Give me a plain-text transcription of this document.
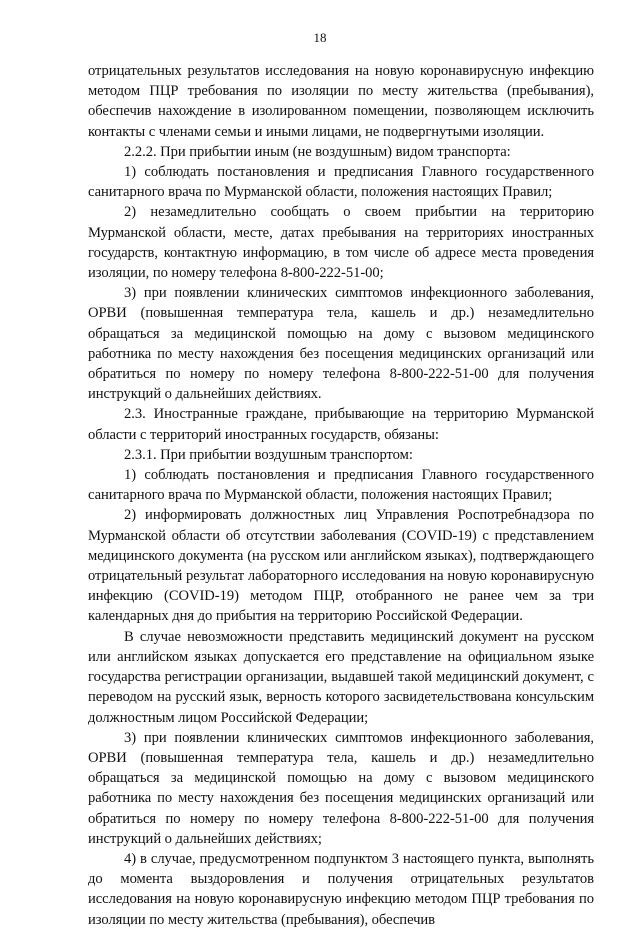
18

отрицательных результатов исследования на новую коронавирусную инфекцию методом ПЦР требования по изоляции по месту жительства (пребывания), обеспечив нахождение в изолированном помещении, позволяющем исключить контакты с членами семьи и иными лицами, не подвергнутыми изоляции.

2.2.2. При прибытии иным (не воздушным) видом транспорта:

1) соблюдать постановления и предписания Главного государственного санитарного врача по Мурманской области, положения настоящих Правил;

2) незамедлительно сообщать о своем прибытии на территорию Мурманской области, месте, датах пребывания на территориях иностранных государств, контактную информацию, в том числе об адресе места проведения изоляции, по номеру телефона 8-800-222-51-00;

3) при появлении клинических симптомов инфекционного заболевания, ОРВИ (повышенная температура тела, кашель и др.) незамедлительно обращаться за медицинской помощью на дому с вызовом медицинского работника по месту нахождения без посещения медицинских организаций или обратиться по номеру по номеру телефона 8-800-222-51-00 для получения инструкций о дальнейших действиях.

2.3. Иностранные граждане, прибывающие на территорию Мурманской области с территорий иностранных государств, обязаны:

2.3.1. При прибытии воздушным транспортом:

1) соблюдать постановления и предписания Главного государственного санитарного врача по Мурманской области, положения настоящих Правил;

2) информировать должностных лиц Управления Роспотребнадзора по Мурманской области об отсутствии заболевания (COVID-19) с представлением медицинского документа (на русском или английском языках), подтверждающего отрицательный результат лабораторного исследования на новую коронавирусную инфекцию (COVID-19) методом ПЦР, отобранного не ранее чем за три календарных дня до прибытия на территорию Российской Федерации.

В случае невозможности представить медицинский документ на русском или английском языках допускается его представление на официальном языке государства регистрации организации, выдавшей такой медицинский документ, с переводом на русский язык, верность которого засвидетельствована консульским должностным лицом Российской Федерации;

3) при появлении клинических симптомов инфекционного заболевания, ОРВИ (повышенная температура тела, кашель и др.) незамедлительно обращаться за медицинской помощью на дому с вызовом медицинского работника по месту нахождения без посещения медицинских организаций или обратиться по номеру по номеру телефона 8-800-222-51-00 для получения инструкций о дальнейших действиях;

4) в случае, предусмотренном подпунктом 3 настоящего пункта, выполнять до момента выздоровления и получения отрицательных результатов исследования на новую коронавирусную инфекцию методом ПЦР требования по изоляции по месту жительства (пребывания), обеспечив
